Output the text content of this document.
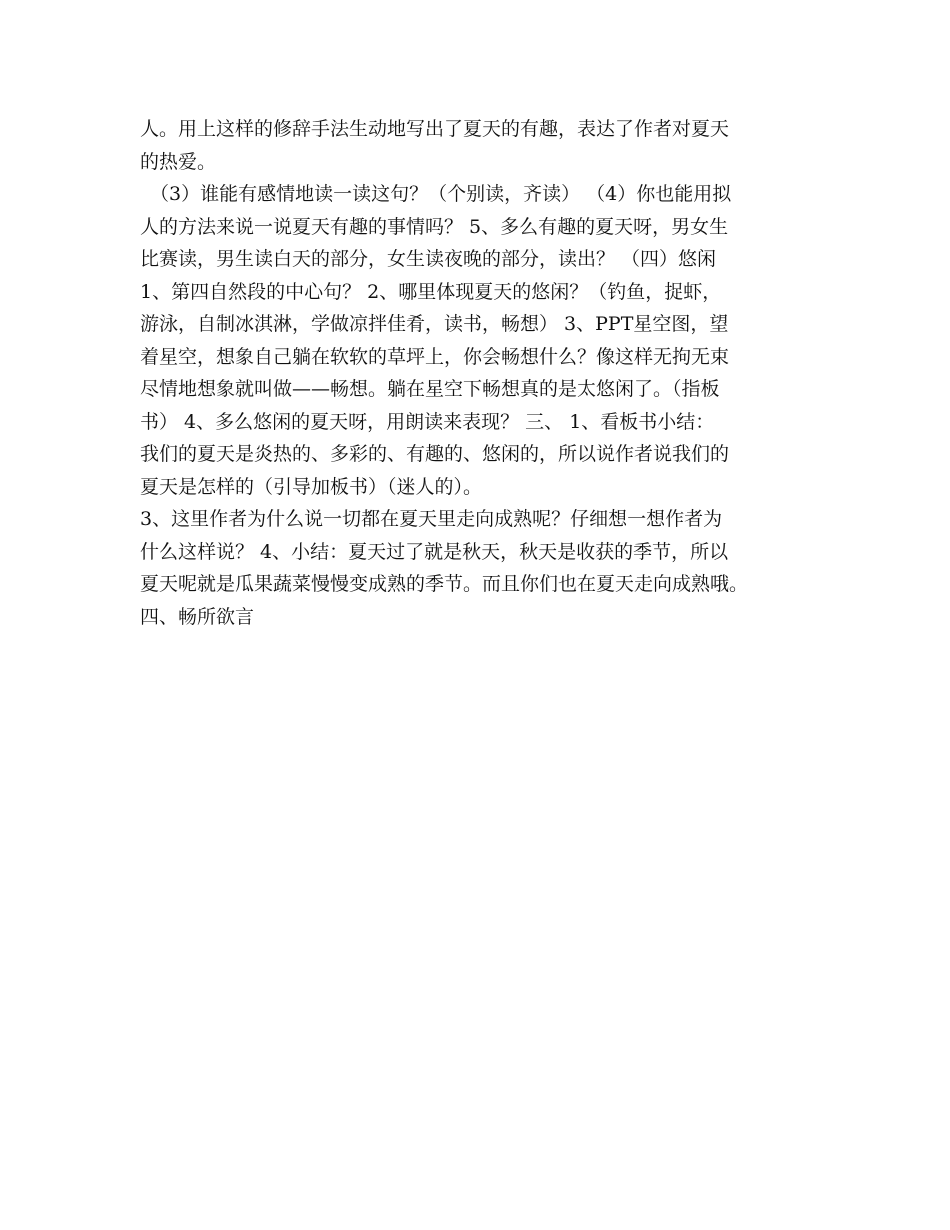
人。用上这样的修辞手法生动地写出了夏天的有趣，表达了作者对夏天
的热爱。
（3）谁能有感情地读一读这句？（个别读，齐读） （4）你也能用拟
人的方法来说一说夏天有趣的事情吗？ 5、多么有趣的夏天呀，男女生
比赛读，男生读白天的部分，女生读夜晚的部分，读出？ （四）悠闲
1、第四自然段的中心句？ 2、哪里体现夏天的悠闲？（钓鱼，捉虾，
游泳，自制冰淇淋，学做凉拌佳肴，读书，畅想） 3、PPT星空图，望
着星空，想象自己躺在软软的草坪上，你会畅想什么？像这样无拘无束
尽情地想象就叫做——畅想。躺在星空下畅想真的是太悠闲了。（指板
书） 4、多么悠闲的夏天呀，用朗读来表现？ 三、 1、看板书小结：
我们的夏天是炎热的、多彩的、有趣的、悠闲的，所以说作者说我们的
夏天是怎样的（引导加板书）（迷人的）。
3、这里作者为什么说一切都在夏天里走向成熟呢？仔细想一想作者为
什么这样说？ 4、小结：夏天过了就是秋天，秋天是收获的季节，所以
夏天呢就是瓜果蔬菜慢慢变成熟的季节。而且你们也在夏天走向成熟哦。
四、畅所欲言
